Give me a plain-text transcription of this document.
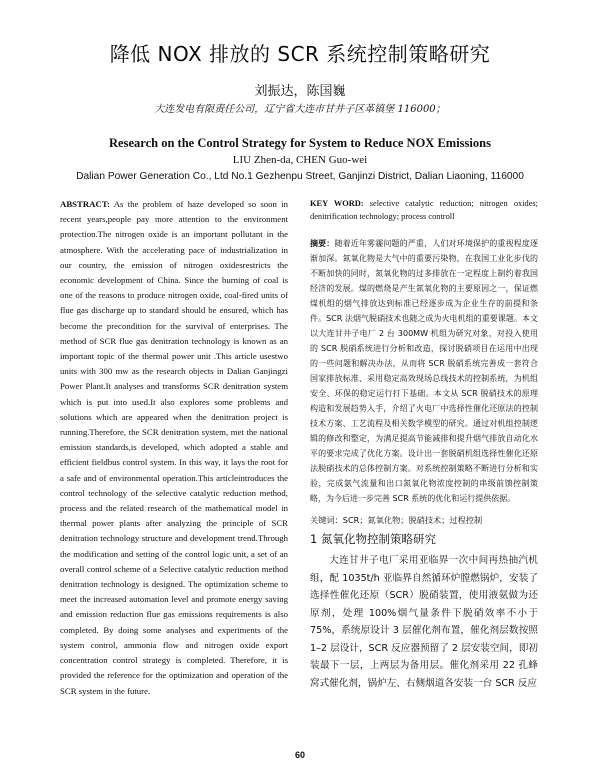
降低 NOX 排放的 SCR 系统控制策略研究
刘振达，陈国巍
大连发电有限责任公司，辽宁省大连市甘井子区革镇堡 116000；
Research on the Control Strategy for System to Reduce NOX Emissions
LIU Zhen-da, CHEN Guo-wei
Dalian Power Generation Co., Ltd No.1 Gezhenpu Street, Ganjinzi District, Dalian Liaoning, 116000

ABSTRACT: As the problem of haze developed so soon in recent years,people pay more attention to the environment protection.The nitrogen oxide is an important pollutant in the atmosphere. With the accelerating pace of industrialization in our country, the emission of nitrogen oxidesrestricts the economic development of China. Since the burning of coal is one of the reasons to produce nitrogen oxide, coal-fired units of flue gas discharge up to standard should be ensured, which has become the precondition for the survival of enterprises. The method of SCR flue gas denitration technology is known as an important topic of the thermal power unit .This article usestwo units with 300 mw as the research objects in Dalian Ganjingzi Power Plant.It analyses and transforms SCR denitration system which is put into used.It also explores some problems and solutions which are appeared when the denitration project is running.Therefore, the SCR denitration system, met the national emission standards,is developed, which adopted a stable and efficient fieldbus control system. In this way, it lays the root for a safe and of environmental operation.This articleintroduces the control technology of the selective catalytic reduction method, process and the related research of the mathematical model in thermal power plants after analyzing the principle of SCR denitration technology structure and development trend.Through the modification and setting of the control logic unit, a set of an overall control scheme of a Selective catalytic reduction method denitration technology is designed. The optimization scheme to meet the increased automation level and promote energy saving and emission reduction flue gas emissions requirements is also completed. By doing some analyses and experiments of the system control, ammonia flow and nitrogen oxide export concentration control strategy is completed. Therefore, it is provided the reference for the optimization and operation of the SCR system in the future.

KEY WORD: selective catalytic reduction; nitrogen oxides; denitrification technology; process controll

摘要：随着近年雾霾问题的严重，人们对环境保护的重视程度逐渐加深。氮氧化物是大气中的重要污染物，在我国工业化步伐的不断加快的同时，氮氧化物的过多排放在一定程度上制约着我国经济的发展。煤的燃烧是产生氮氧化物的主要原因之一，保证燃煤机组的烟气排放达到标准已经逐步成为企业生存的前提和条件。SCR 法烟气脱硝技术也随之成为火电机组的重要课题。本文以大连甘井子电厂 2 台 300MW 机组为研究对象，对投入使用的 SCR 脱硝系统进行分析和改造，探讨脱硝项目在运用中出现的一些问题和解决办法，从而将 SCR 脱硝系统完善成一套符合国家排放标准、采用稳定高效现场总线技术的控制系统，为机组安全、环保的稳定运行打下基础。本文从 SCR 脱硝技术的原理构造和发展趋势入手，介绍了火电厂中选择性催化还原法的控制技术方案、工艺流程及相关数学模型的研究。通过对机组控制逻辑的修改和整定，为满足提高节能减排和提升烟气排放自动化水平的要求完成了优化方案。设计出一套脱硝机组选择性催化还原法脱硝技术的总体控制方案。对系统控制策略不断进行分析和实验，完成氨气流量和出口氮氧化物浓度控制的串级前馈控制策略，为今后进一步完善 SCR 系统的优化和运行提供依据。

关键词：SCR；氮氧化物；脱硝技术；过程控制

1 氮氧化物控制策略研究

大连甘井子电厂采用亚临界一次中间再热抽汽机组，配 1035t/h 亚临界自然循环炉膛燃锅炉，安装了选择性催化还原（SCR）脱硝装置，使用液氨做为还原剂，处理 100%烟气量条件下脱硝效率不小于 75%，系统原设计 3 层催化剂布置，催化剂层数按照 1–2 层设计，SCR 反应器预留了 2 层安装空间，即初装最下一层，上两层为备用层。催化剂采用 22 孔蜂窝式催化剂，锅炉左、右侧烟道各安装一台 SCR 反应

60
